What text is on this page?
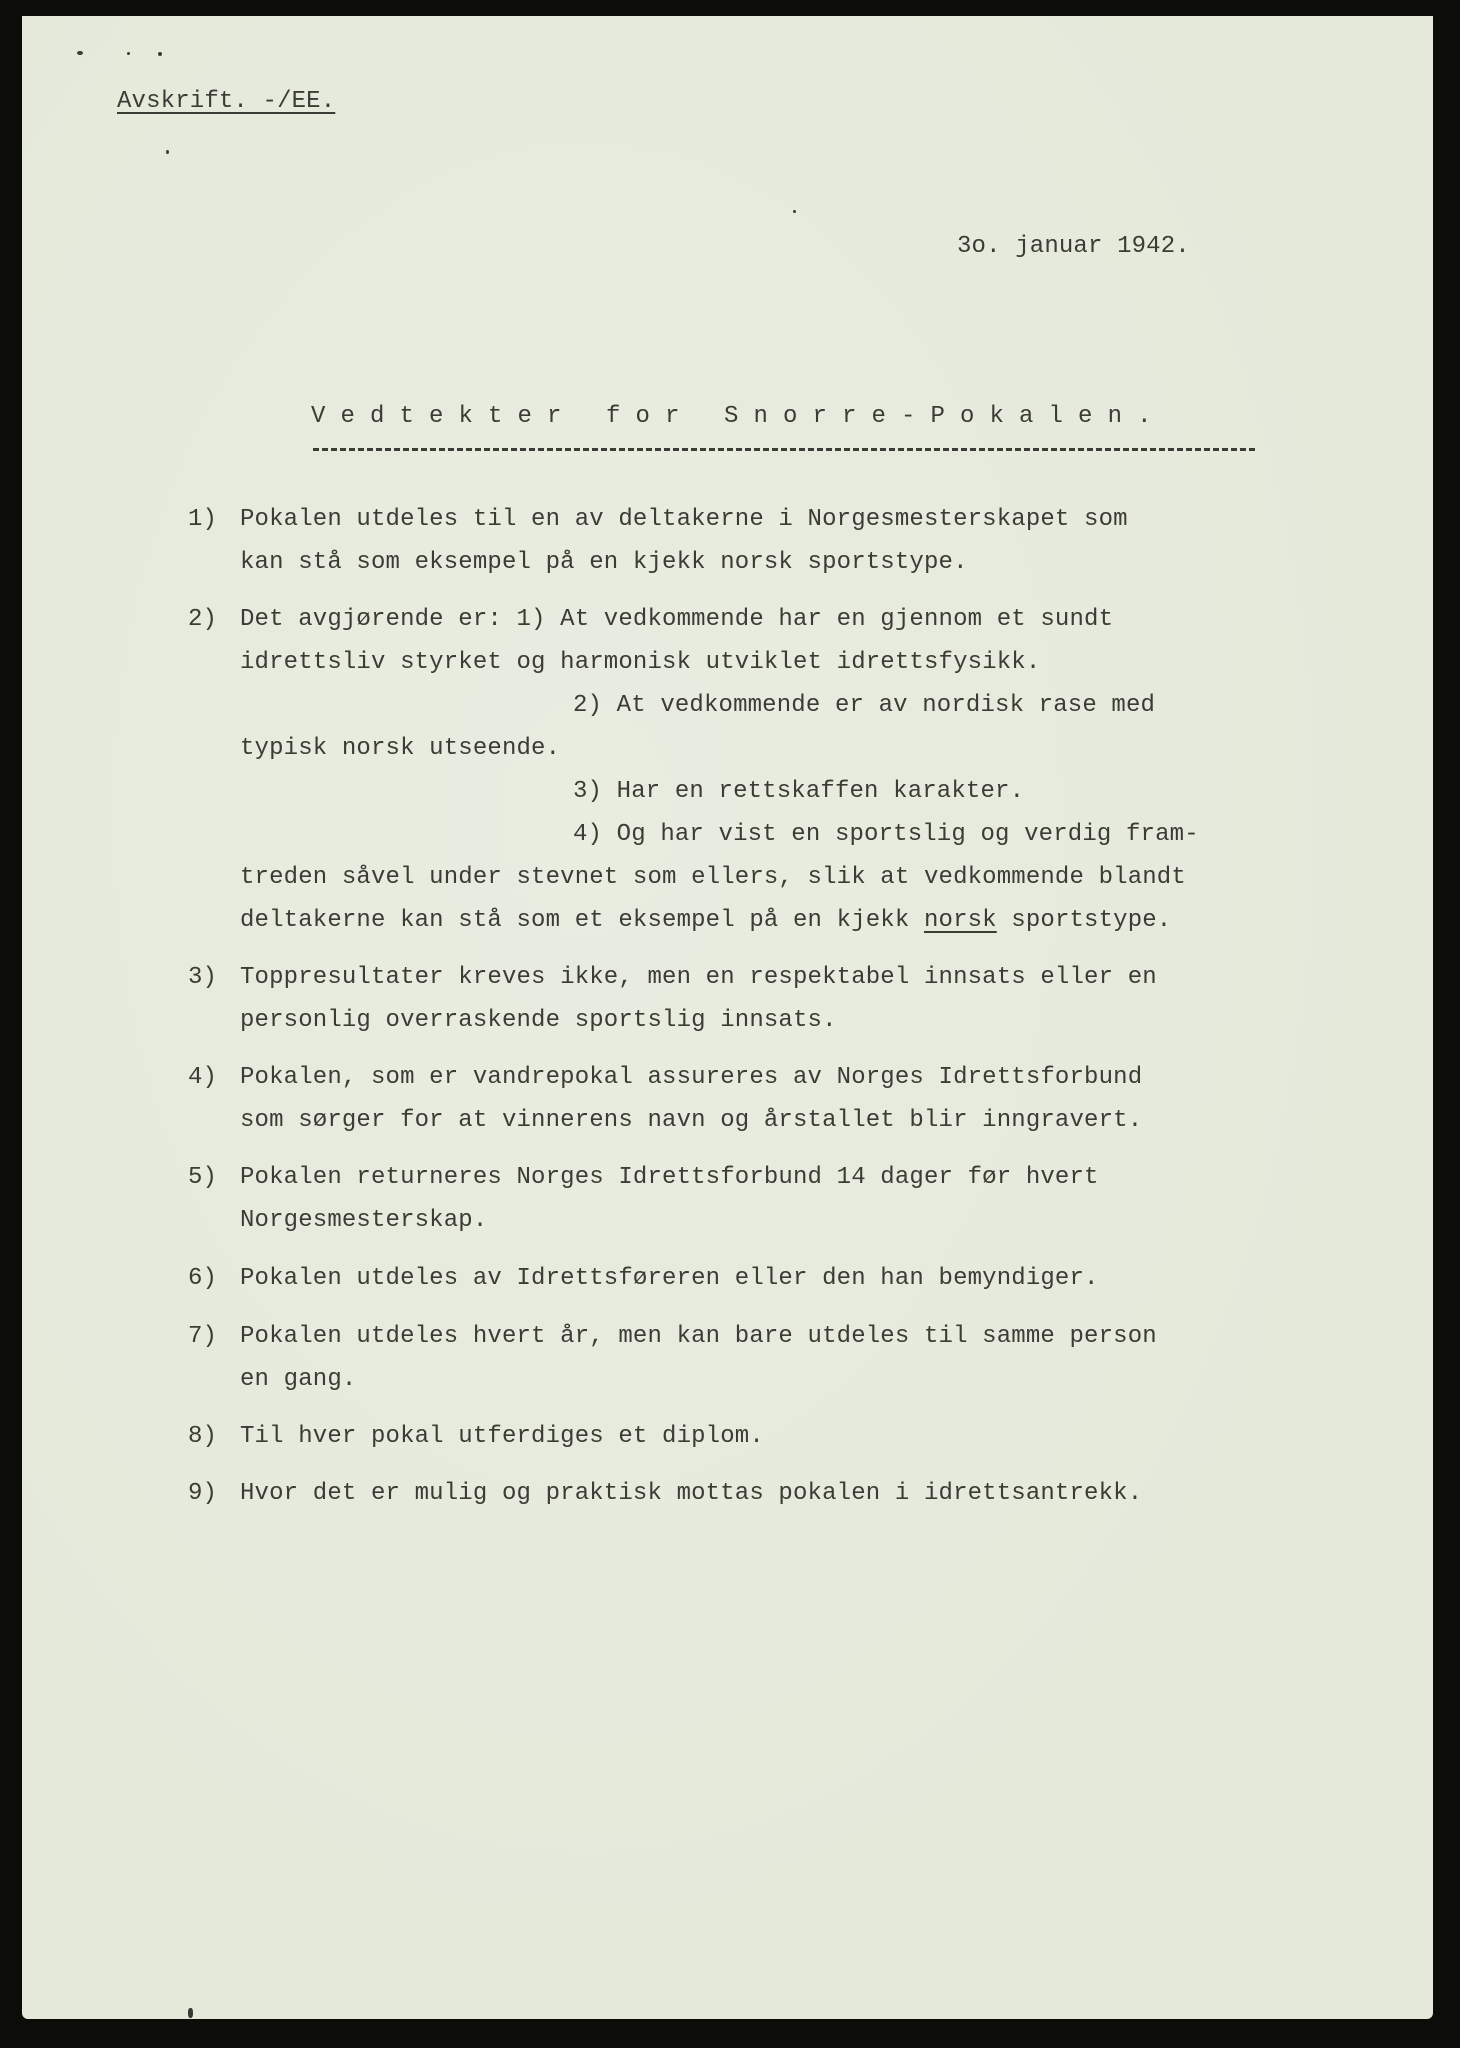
Avskrift. -/EE.
3o. januar 1942.
Vedtekter for Snorre-Pokalen.
1) Pokalen utdeles til en av deltakerne i Norgesmesterskapet som
kan stå som eksempel på en kjekk norsk sportstype.
2) Det avgjørende er: 1) At vedkommende har en gjennom et sundt
idrettsliv styrket og harmonisk utviklet idrettsfysikk.
2) At vedkommende er av nordisk rase med
typisk norsk utseende.
3) Har en rettskaffen karakter.
4) Og har vist en sportslig og verdig fram-
treden såvel under stevnet som ellers, slik at vedkommende blandt
deltakerne kan stå som et eksempel på en kjekk norsk sportstype.
3) Toppresultater kreves ikke, men en respektabel innsats eller en
personlig overraskende sportslig innsats.
4) Pokalen, som er vandrepokal assureres av Norges Idrettsforbund
som sørger for at vinnerens navn og årstallet blir inngravert.
5) Pokalen returneres Norges Idrettsforbund 14 dager før hvert
Norgesmesterskap.
6) Pokalen utdeles av Idrettsføreren eller den han bemyndiger.
7) Pokalen utdeles hvert år, men kan bare utdeles til samme person
en gang.
8) Til hver pokal utferdiges et diplom.
9) Hvor det er mulig og praktisk mottas pokalen i idrettsantrekk.
